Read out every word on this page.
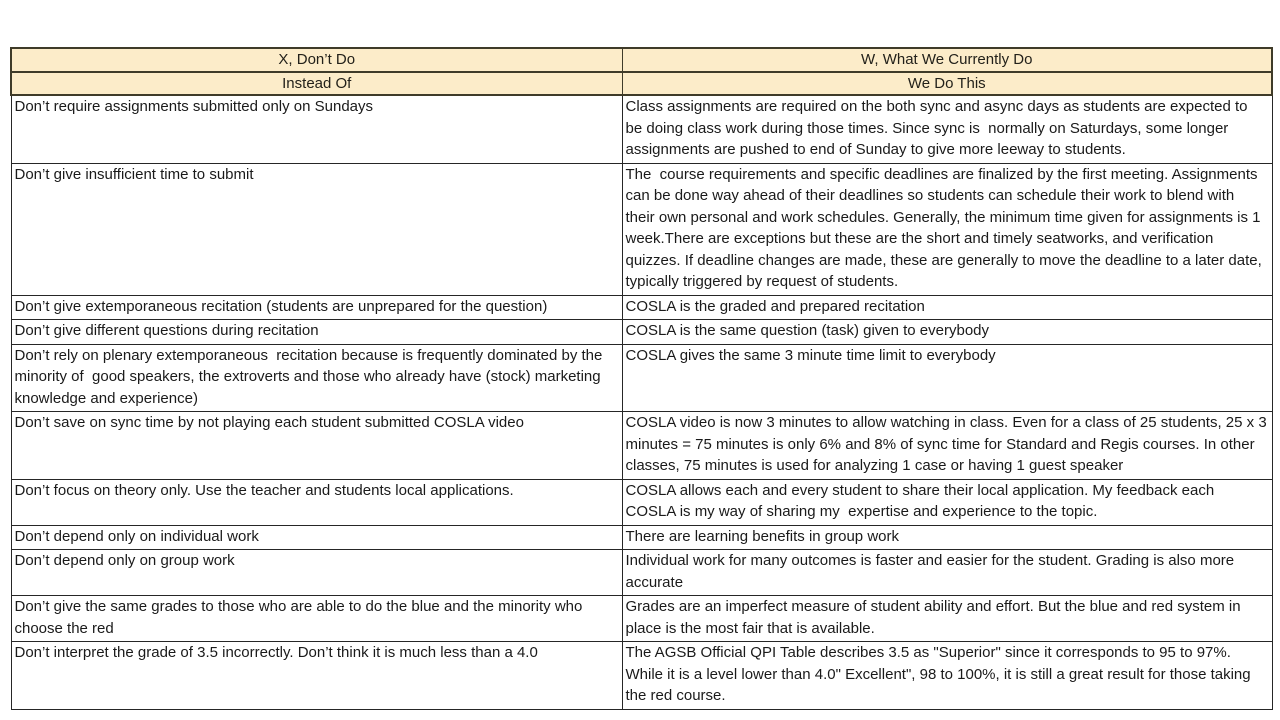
X, Don’t Do	W, What We Currently Do
Instead Of	We Do This
Don’t require assignments submitted only on Sundays	Class assignments are required on the both sync and async days as students are expected to be doing class work during those times. Since sync is  normally on Saturdays, some longer assignments are pushed to end of Sunday to give more leeway to students.
Don’t give insufficient time to submit	The  course requirements and specific deadlines are finalized by the first meeting. Assignments can be done way ahead of their deadlines so students can schedule their work to blend with their own personal and work schedules. Generally, the minimum time given for assignments is 1 week.There are exceptions but these are the short and timely seatworks, and verification  quizzes. If deadline changes are made, these are generally to move the deadline to a later date, typically triggered by request of students.
Don’t give extemporaneous recitation (students are unprepared for the question)	COSLA is the graded and prepared recitation
Don’t give different questions during recitation	COSLA is the same question (task) given to everybody
Don’t rely on plenary extemporaneous  recitation because is frequently dominated by the minority of  good speakers, the extroverts and those who already have (stock) marketing knowledge and experience)	COSLA gives the same 3 minute time limit to everybody
Don’t save on sync time by not playing each student submitted COSLA video	COSLA video is now 3 minutes to allow watching in class. Even for a class of 25 students, 25 x 3 minutes = 75 minutes is only 6% and 8% of sync time for Standard and Regis courses. In other classes, 75 minutes is used for analyzing 1 case or having 1 guest speaker
Don’t focus on theory only. Use the teacher and students local applications.	COSLA allows each and every student to share their local application. My feedback each COSLA is my way of sharing my  expertise and experience to the topic.
Don’t depend only on individual work	There are learning benefits in group work
Don’t depend only on group work	Individual work for many outcomes is faster and easier for the student. Grading is also more accurate
Don’t give the same grades to those who are able to do the blue and the minority who choose the red	Grades are an imperfect measure of student ability and effort. But the blue and red system in place is the most fair that is available.
Don’t interpret the grade of 3.5 incorrectly. Don’t think it is much less than a 4.0	The AGSB Official QPI Table describes 3.5 as "Superior" since it corresponds to 95 to 97%. While it is a level lower than 4.0" Excellent", 98 to 100%, it is still a great result for those taking the red course.
